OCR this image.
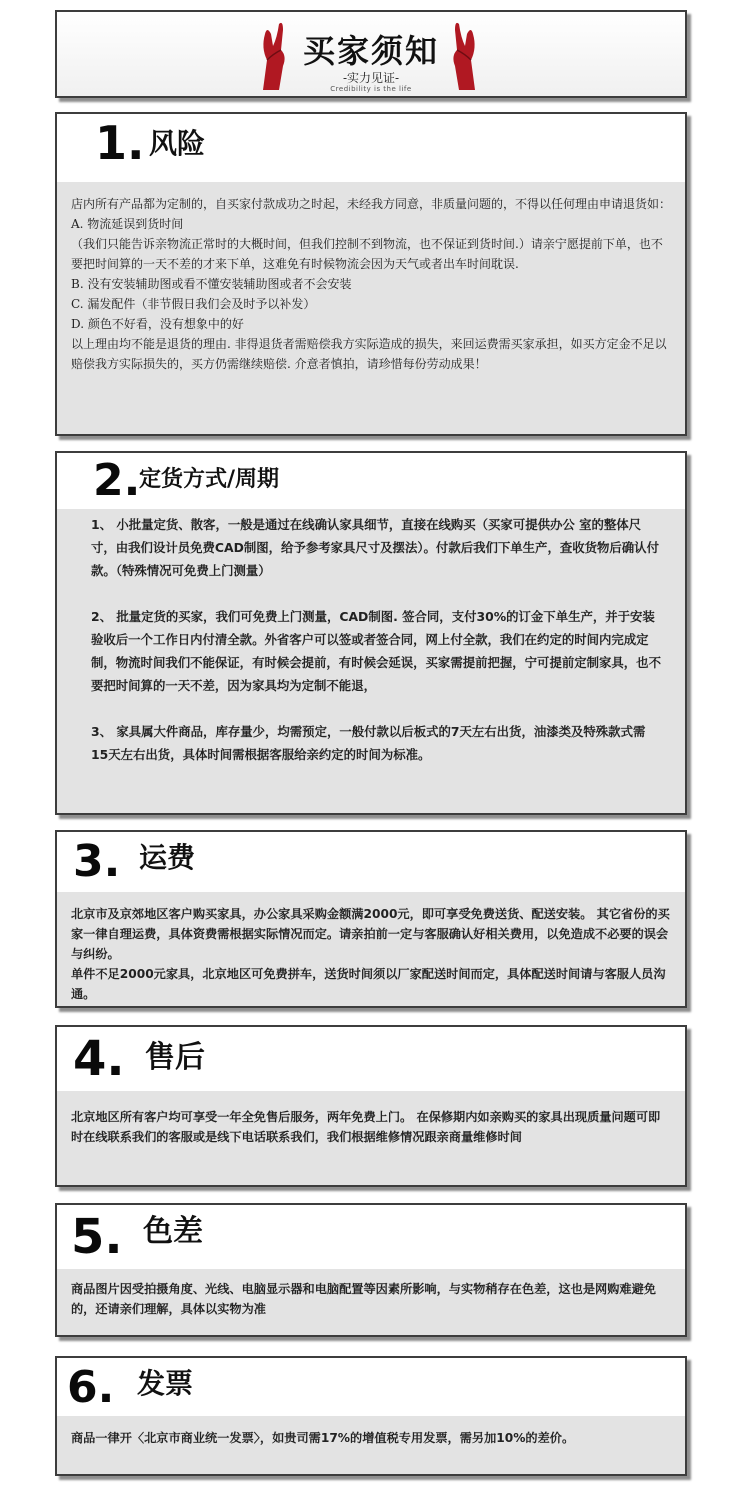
买家须知
-实力见证-
Credibility is the life
1. 风险

店内所有产品都为定制的，自买家付款成功之时起，未经我方同意，非质量问题的，不得以任何理由申请退货如：

A. 物流延误到货时间

（我们只能告诉亲物流正常时的大概时间，但我们控制不到物流，也不保证到货时间.）请亲宁愿提前下单，也不要把时间算的一天不差的才来下单，这难免有时候物流会因为天气或者出车时间耽误.

B. 没有安装辅助图或看不懂安装辅助图或者不会安装

C. 漏发配件（非节假日我们会及时予以补发）

D. 颜色不好看，没有想象中的好

以上理由均不能是退货的理由. 非得退货者需赔偿我方实际造成的损失，来回运费需买家承担，如买方定金不足以赔偿我方实际损失的，买方仍需继续赔偿. 介意者慎拍，请珍惜每份劳动成果！

2.
定货方式/周期

1、 小批量定货、散客，一般是通过在线确认家具细节，直接在线购买（买家可提供办公 室的整体尺寸，由我们设计员免费CAD制图，给予参考家具尺寸及摆法）。付款后我们下单生产，查收货物后确认付款。（特殊情况可免费上门测量）

2、 批量定货的买家，我们可免费上门测量，CAD制图. 签合同，支付30%的订金下单生产，并于安装验收后一个工作日内付清全款。外省客户可以签或者签合同，网上付全款，我们在约定的时间内完成定制，物流时间我们不能保证，有时候会提前，有时候会延误，买家需提前把握，宁可提前定制家具，也不要把时间算的一天不差，因为家具均为定制不能退，

3、 家具属大件商品，库存量少，均需预定，一般付款以后板式的7天左右出货，油漆类及特殊款式需15天左右出货，具体时间需根据客服给亲约定的时间为标准。

3. 运费

北京市及京郊地区客户购买家具，办公家具采购金额满2000元，即可享受免费送货、配送安装。 其它省份的买家一律自理运费，具体资费需根据实际情况而定。请亲拍前一定与客服确认好相关费用，以免造成不必要的误会与纠纷。

单件不足2000元家具，北京地区可免费拼车，送货时间须以厂家配送时间而定，具体配送时间请与客服人员沟通。

4. 售后

北京地区所有客户均可享受一年全免售后服务，两年免费上门。 在保修期内如亲购买的家具出现质量问题可即时在线联系我们的客服或是线下电话联系我们，我们根据维修情况跟亲商量维修时间

5. 色差

商品图片因受拍摄角度、光线、电脑显示器和电脑配置等因素所影响，与实物稍存在色差，这也是网购难避免的，还请亲们理解，具体以实物为准

6. 发票

商品一律开〈北京市商业统一发票〉，如贵司需17%的增值税专用发票，需另加10%的差价。
